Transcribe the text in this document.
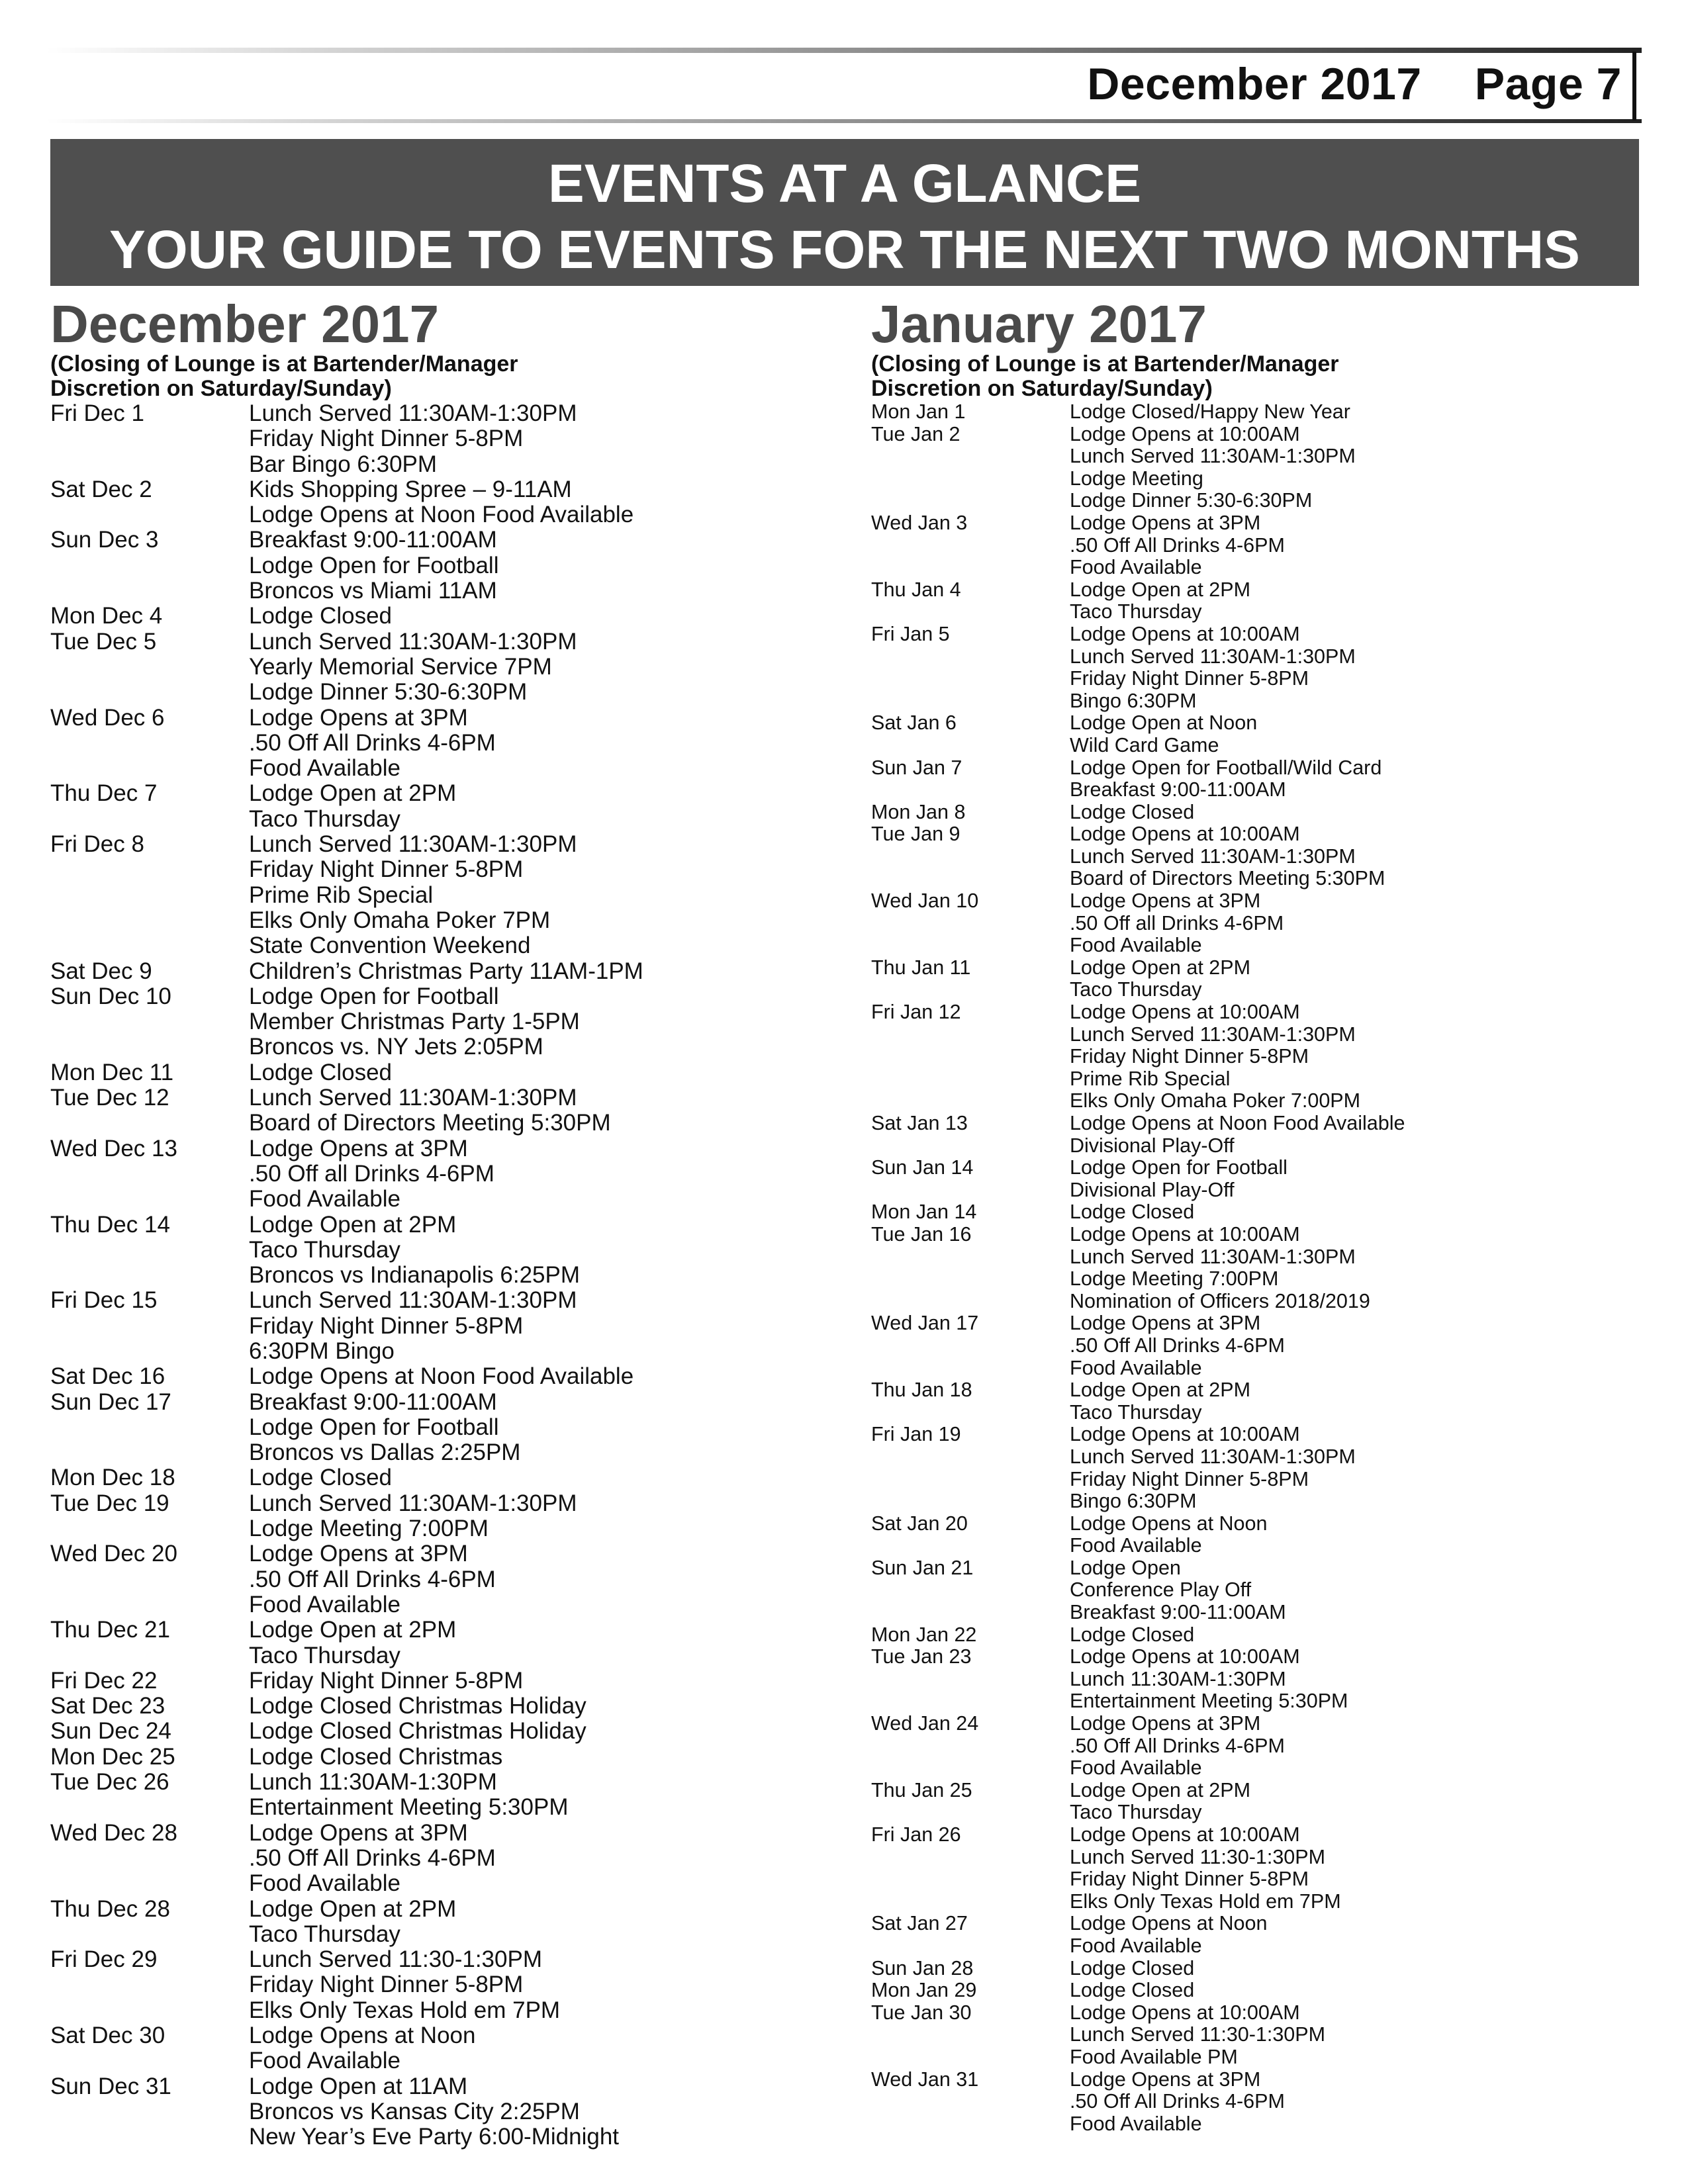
December 2017 Page 7
EVENTS AT A GLANCE
YOUR GUIDE TO EVENTS FOR THE NEXT TWO MONTHS
December 2017
(Closing of Lounge is at Bartender/Manager
Discretion on Saturday/Sunday)
Fri Dec 1	Lunch Served 11:30AM-1:30PM
Friday Night Dinner 5-8PM
Bar Bingo 6:30PM
Sat Dec 2	Kids Shopping Spree – 9-11AM
Lodge Opens at Noon Food Available
Sun Dec 3	Breakfast 9:00-11:00AM
Lodge Open for Football
Broncos vs Miami 11AM
Mon Dec 4	Lodge Closed
Tue Dec 5	Lunch Served 11:30AM-1:30PM
Yearly Memorial Service 7PM
Lodge Dinner 5:30-6:30PM
Wed Dec 6	Lodge Opens at 3PM
.50 Off All Drinks 4-6PM
Food Available
Thu Dec 7	Lodge Open at 2PM
Taco Thursday
Fri Dec 8	Lunch Served 11:30AM-1:30PM
Friday Night Dinner 5-8PM
Prime Rib Special
Elks Only Omaha Poker 7PM
State Convention Weekend
Sat Dec 9	Children’s Christmas Party 11AM-1PM
Sun Dec 10	Lodge Open for Football
Member Christmas Party 1-5PM
Broncos vs. NY Jets 2:05PM
Mon Dec 11	Lodge Closed
Tue Dec 12	Lunch Served 11:30AM-1:30PM
Board of Directors Meeting 5:30PM
Wed Dec 13	Lodge Opens at 3PM
.50 Off all Drinks 4-6PM
Food Available
Thu Dec 14	Lodge Open at 2PM
Taco Thursday
Broncos vs Indianapolis 6:25PM
Fri Dec 15	Lunch Served 11:30AM-1:30PM
Friday Night Dinner 5-8PM
6:30PM Bingo
Sat Dec 16	Lodge Opens at Noon Food Available
Sun Dec 17	Breakfast 9:00-11:00AM
Lodge Open for Football
Broncos vs Dallas 2:25PM
Mon Dec 18	Lodge Closed
Tue Dec 19	Lunch Served 11:30AM-1:30PM
Lodge Meeting 7:00PM
Wed Dec 20	Lodge Opens at 3PM
.50 Off All Drinks 4-6PM
Food Available
Thu Dec 21	Lodge Open at 2PM
Taco Thursday
Fri Dec 22	Friday Night Dinner 5-8PM
Sat Dec 23	Lodge Closed Christmas Holiday
Sun Dec 24	Lodge Closed Christmas Holiday
Mon Dec 25	Lodge Closed Christmas
Tue Dec 26	Lunch 11:30AM-1:30PM
Entertainment Meeting 5:30PM
Wed Dec 28	Lodge Opens at 3PM
.50 Off All Drinks 4-6PM
Food Available
Thu Dec 28	Lodge Open at 2PM
Taco Thursday
Fri Dec 29	Lunch Served 11:30-1:30PM
Friday Night Dinner 5-8PM
Elks Only Texas Hold em 7PM
Sat Dec 30	Lodge Opens at Noon
Food Available
Sun Dec 31	Lodge Open at 11AM
Broncos vs Kansas City 2:25PM
New Year’s Eve Party 6:00-Midnight
January 2017
(Closing of Lounge is at Bartender/Manager
Discretion on Saturday/Sunday)
Mon Jan 1	Lodge Closed/Happy New Year
Tue Jan 2	Lodge Opens at 10:00AM
Lunch Served 11:30AM-1:30PM
Lodge Meeting
Lodge Dinner 5:30-6:30PM
Wed Jan 3	Lodge Opens at 3PM
.50 Off All Drinks 4-6PM
Food Available
Thu Jan 4	Lodge Open at 2PM
Taco Thursday
Fri Jan 5	Lodge Opens at 10:00AM
Lunch Served 11:30AM-1:30PM
Friday Night Dinner 5-8PM
Bingo 6:30PM
Sat Jan 6	Lodge Open at Noon
Wild Card Game
Sun Jan 7	Lodge Open for Football/Wild Card
Breakfast 9:00-11:00AM
Mon Jan 8	Lodge Closed
Tue Jan 9	Lodge Opens at 10:00AM
Lunch Served 11:30AM-1:30PM
Board of Directors Meeting 5:30PM
Wed Jan 10	Lodge Opens at 3PM
.50 Off all Drinks 4-6PM
Food Available
Thu Jan 11	Lodge Open at 2PM
Taco Thursday
Fri Jan 12	Lodge Opens at 10:00AM
Lunch Served 11:30AM-1:30PM
Friday Night Dinner 5-8PM
Prime Rib Special
Elks Only Omaha Poker 7:00PM
Sat Jan 13	Lodge Opens at Noon Food Available
Divisional Play-Off
Sun Jan 14	Lodge Open for Football
Divisional Play-Off
Mon Jan 14	Lodge Closed
Tue Jan 16	Lodge Opens at 10:00AM
Lunch Served 11:30AM-1:30PM
Lodge Meeting 7:00PM
Nomination of Officers 2018/2019
Wed Jan 17	Lodge Opens at 3PM
.50 Off All Drinks 4-6PM
Food Available
Thu Jan 18	Lodge Open at 2PM
Taco Thursday
Fri Jan 19	Lodge Opens at 10:00AM
Lunch Served 11:30AM-1:30PM
Friday Night Dinner 5-8PM
Bingo 6:30PM
Sat Jan 20	Lodge Opens at Noon
Food Available
Sun Jan 21	Lodge Open
Conference Play Off
Breakfast 9:00-11:00AM
Mon Jan 22	Lodge Closed
Tue Jan 23	Lodge Opens at 10:00AM
Lunch 11:30AM-1:30PM
Entertainment Meeting 5:30PM
Wed Jan 24	Lodge Opens at 3PM
.50 Off All Drinks 4-6PM
Food Available
Thu Jan 25	Lodge Open at 2PM
Taco Thursday
Fri Jan 26	Lodge Opens at 10:00AM
Lunch Served 11:30-1:30PM
Friday Night Dinner 5-8PM
Elks Only Texas Hold em 7PM
Sat Jan 27	Lodge Opens at Noon
Food Available
Sun Jan 28	Lodge Closed
Mon Jan 29	Lodge Closed
Tue Jan 30	Lodge Opens at 10:00AM
Lunch Served 11:30-1:30PM
Food Available PM
Wed Jan 31	Lodge Opens at 3PM
.50 Off All Drinks 4-6PM
Food Available
